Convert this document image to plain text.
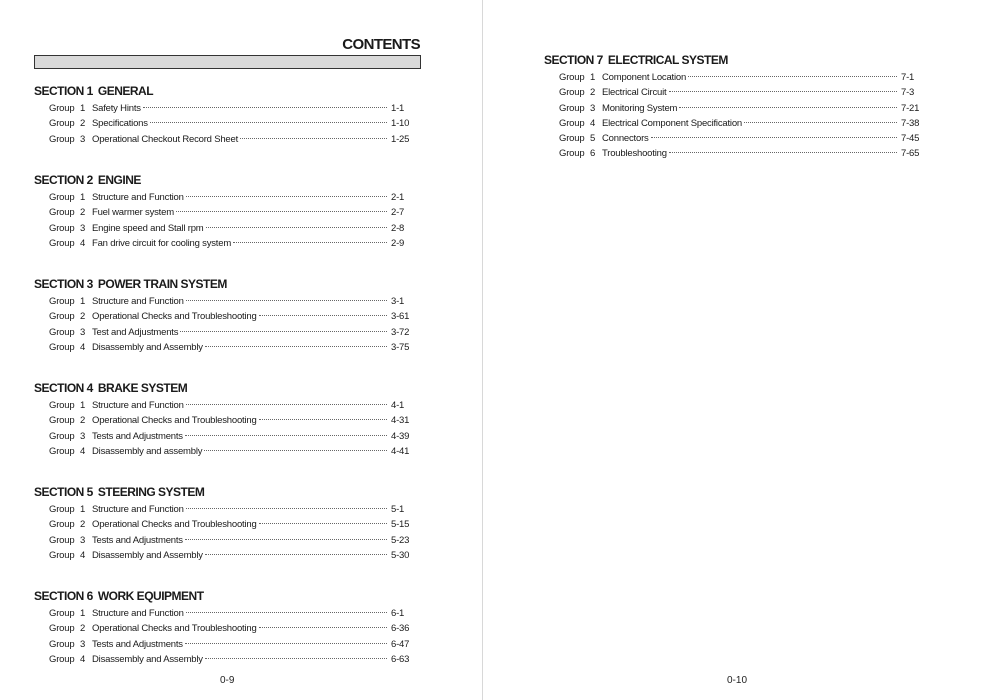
CONTENTS
SECTION 1 GENERAL
Group 1 Safety Hints	1-1
Group 2 Specifications	1-10
Group 3 Operational Checkout Record Sheet	1-25
SECTION 2 ENGINE
Group 1 Structure and Function	2-1
Group 2 Fuel warmer system	2-7
Group 3 Engine speed and Stall rpm	2-8
Group 4 Fan drive circuit for cooling system	2-9
SECTION 3 POWER TRAIN SYSTEM
Group 1 Structure and Function	3-1
Group 2 Operational Checks and Troubleshooting	3-61
Group 3 Test and Adjustments	3-72
Group 4 Disassembly and Assembly	3-75
SECTION 4 BRAKE SYSTEM
Group 1 Structure and Function	4-1
Group 2 Operational Checks and Troubleshooting	4-31
Group 3 Tests and Adjustments	4-39
Group 4 Disassembly and assembly	4-41
SECTION 5 STEERING SYSTEM
Group 1 Structure and Function	5-1
Group 2 Operational Checks and Troubleshooting	5-15
Group 3 Tests and Adjustments	5-23
Group 4 Disassembly and Assembly	5-30
SECTION 6 WORK EQUIPMENT
Group 1 Structure and Function	6-1
Group 2 Operational Checks and Troubleshooting	6-36
Group 3 Tests and Adjustments	6-47
Group 4 Disassembly and Assembly	6-63
0-9
SECTION 7 ELECTRICAL SYSTEM
Group 1 Component Location	7-1
Group 2 Electrical Circuit	7-3
Group 3 Monitoring System	7-21
Group 4 Electrical Component Specification	7-38
Group 5 Connectors	7-45
Group 6 Troubleshooting	7-65
0-10
